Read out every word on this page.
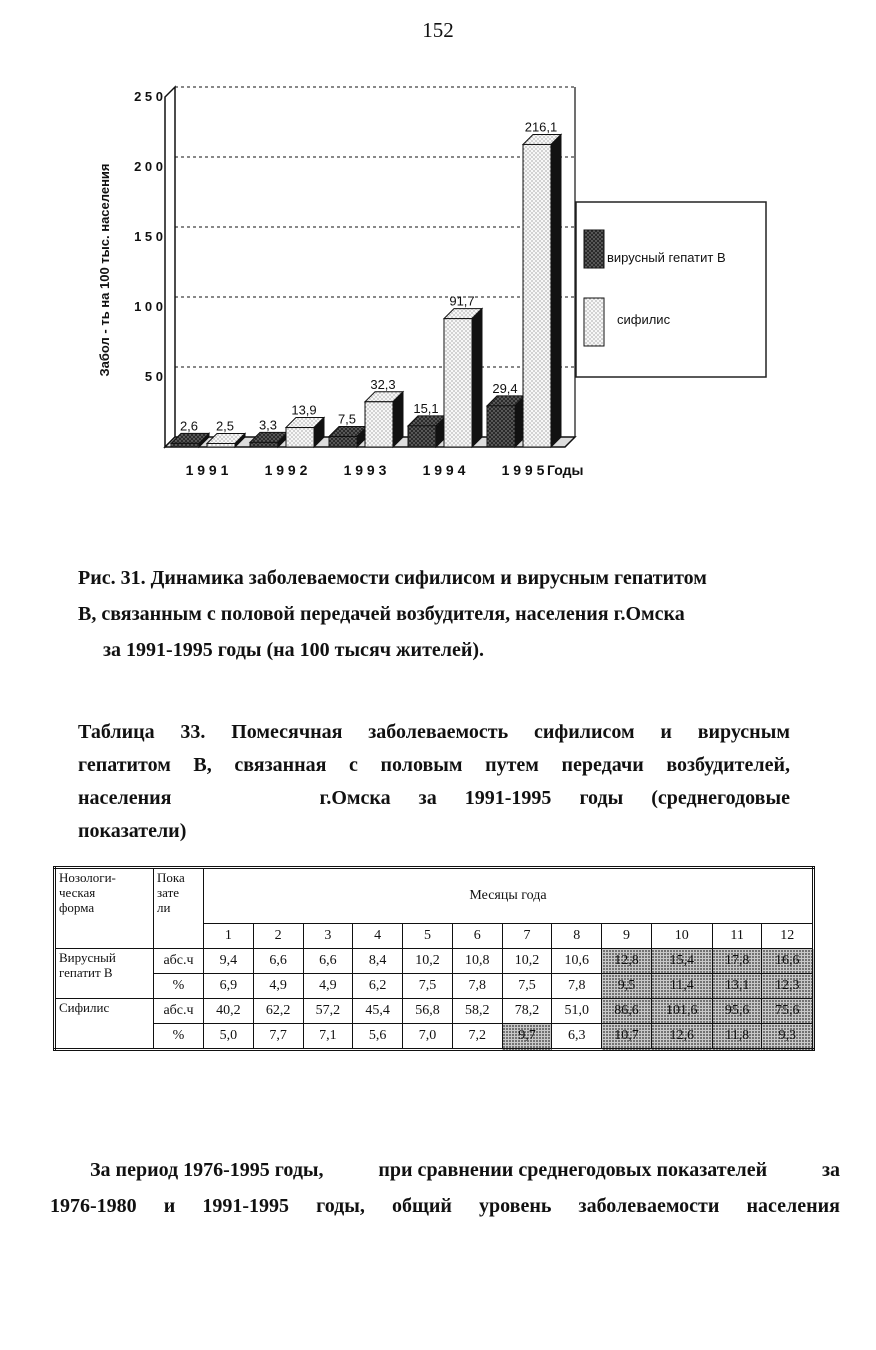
152
5 0
1 0 0
1 5 0
2 0 0
2 5 0
2,6 2,5
1 9 9 1
3,3
13,9
1 9 9 2
7,5
32,3
1 9 9 3
15,1
91,7
1 9 9 4
29,4
216,1
1 9 9 5
Забол - ть на 100 тыс. населения
Годы
вирусный гепатит В
сифилис
Рис. 31. Динамика заболеваемости сифилисом и вирусным гепатитом
В, связанным с половой передачей возбудителя, населения г.Омска
за 1991-1995 годы (на 100 тысяч жителей).
Таблица 33. Помесячная заболеваемость сифилисом и вирусным
гепатитом В, связанная с половым путем передачи возбудителей,
населения	г.Омска за 1991-1995 годы (среднегодовые
показатели)
Нозологи-
ческая
форма	Пока
зате
ли	Месяцы года											
		1	2	3	4	5	6	7	8	9	10	11	12
Вирусный
гепатит В	абс.ч	9,4	6,6	6,6	8,4	10,2	10,8	10,2	10,6	12,8	15,4	17,8	16,6
	%	6,9	4,9	4,9	6,2	7,5	7,8	7,5	7,8	9,5	11,4	13,1	12,3
Сифилис	абс.ч	40,2	62,2	57,2	45,4	56,8	58,2	78,2	51,0	86,6	101,6	95,6	75,6
	%	5,0	7,7	7,1	5,6	7,0	7,2	9,7	6,3	10,7	12,6	11,8	9,3
За период 1976-1995 годы,	при сравнении среднегодовых показателей	за
1976-1980 и 1991-1995 годы, общий уровень заболеваемости населения
